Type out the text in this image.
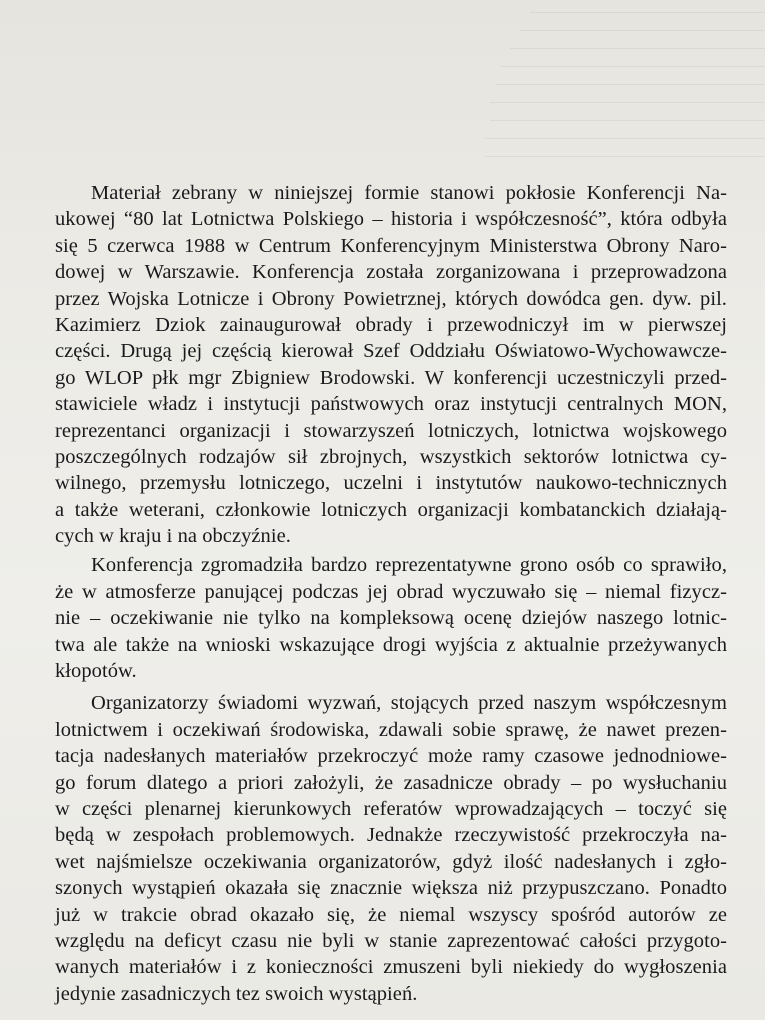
Materiał zebrany w niniejszej formie stanowi pokłosie Konferencji Na-
ukowej “80 lat Lotnictwa Polskiego – historia i współczesność”, która odbyła
się 5 czerwca 1988 w Centrum Konferencyjnym Ministerstwa Obrony Naro-
dowej w Warszawie. Konferencja została zorganizowana i przeprowadzona
przez Wojska Lotnicze i Obrony Powietrznej, których dowódca gen. dyw. pil.
Kazimierz Dziok zainaugurował obrady i przewodniczył im w pierwszej
części. Drugą jej częścią kierował Szef Oddziału Oświatowo-Wychowawcze-
go WLOP płk mgr Zbigniew Brodowski. W konferencji uczestniczyli przed-
stawiciele władz i instytucji państwowych oraz instytucji centralnych MON,
reprezentanci organizacji i stowarzyszeń lotniczych, lotnictwa wojskowego
poszczególnych rodzajów sił zbrojnych, wszystkich sektorów lotnictwa cy-
wilnego, przemysłu lotniczego, uczelni i instytutów naukowo-technicznych
a także weterani, członkowie lotniczych organizacji kombatanckich działają-
cych w kraju i na obczyźnie.
Konferencja zgromadziła bardzo reprezentatywne grono osób co sprawiło,
że w atmosferze panującej podczas jej obrad wyczuwało się – niemal fizycz-
nie – oczekiwanie nie tylko na kompleksową ocenę dziejów naszego lotnic-
twa ale także na wnioski wskazujące drogi wyjścia z aktualnie przeżywanych
kłopotów.
Organizatorzy świadomi wyzwań, stojących przed naszym współczesnym
lotnictwem i oczekiwań środowiska, zdawali sobie sprawę, że nawet prezen-
tacja nadesłanych materiałów przekroczyć może ramy czasowe jednodniowe-
go forum dlatego a priori założyli, że zasadnicze obrady – po wysłuchaniu
w części plenarnej kierunkowych referatów wprowadzających – toczyć się
będą w zespołach problemowych. Jednakże rzeczywistość przekroczyła na-
wet najśmielsze oczekiwania organizatorów, gdyż ilość nadesłanych i zgło-
szonych wystąpień okazała się znacznie większa niż przypuszczano. Ponadto
już w trakcie obrad okazało się, że niemal wszyscy spośród autorów ze
względu na deficyt czasu nie byli w stanie zaprezentować całości przygoto-
wanych materiałów i z konieczności zmuszeni byli niekiedy do wygłoszenia
jedynie zasadniczych tez swoich wystąpień.
